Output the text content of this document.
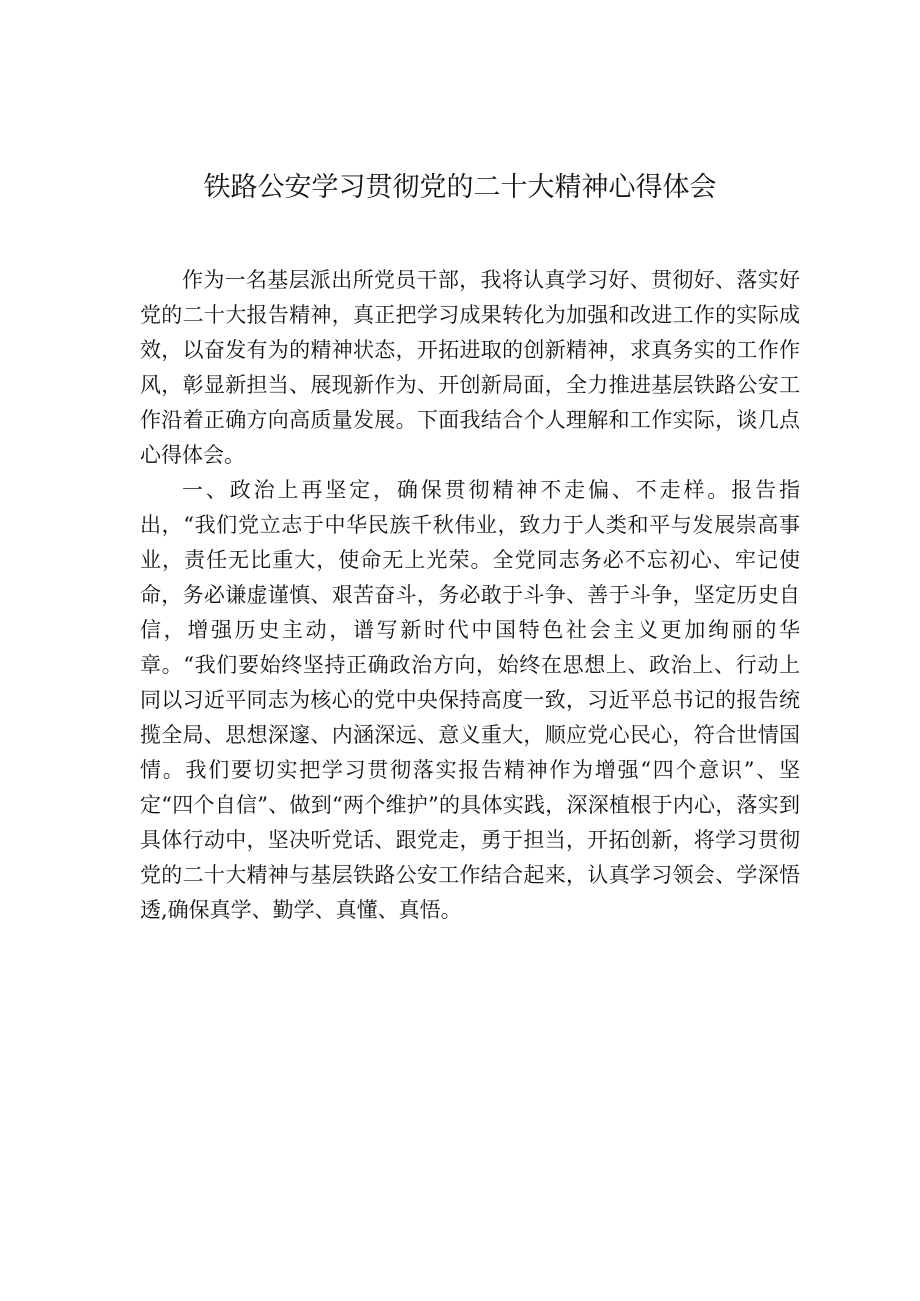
铁路公安学习贯彻党的二十大精神心得体会

作为一名基层派出所党员干部，我将认真学习好、贯彻好、落实好党的二十大报告精神，真正把学习成果转化为加强和改进工作的实际成效，以奋发有为的精神状态，开拓进取的创新精神，求真务实的工作作风，彰显新担当、展现新作为、开创新局面，全力推进基层铁路公安工作沿着正确方向高质量发展。下面我结合个人理解和工作实际，谈几点心得体会。

一、政治上再坚定，确保贯彻精神不走偏、不走样。报告指出，“我们党立志于中华民族千秋伟业，致力于人类和平与发展崇高事业，责任无比重大，使命无上光荣。全党同志务必不忘初心、牢记使命，务必谦虚谨慎、艰苦奋斗，务必敢于斗争、善于斗争，坚定历史自信，增强历史主动，谱写新时代中国特色社会主义更加绚丽的华章。“我们要始终坚持正确政治方向，始终在思想上、政治上、行动上同以习近平同志为核心的党中央保持高度一致，习近平总书记的报告统揽全局、思想深邃、内涵深远、意义重大，顺应党心民心，符合世情国情。我们要切实把学习贯彻落实报告精神作为增强“四个意识”、坚定“四个自信”、做到“两个维护”的具体实践，深深植根于内心，落实到具体行动中，坚决听党话、跟党走，勇于担当，开拓创新，将学习贯彻党的二十大精神与基层铁路公安工作结合起来，认真学习领会、学深悟透,确保真学、勤学、真懂、真悟。
